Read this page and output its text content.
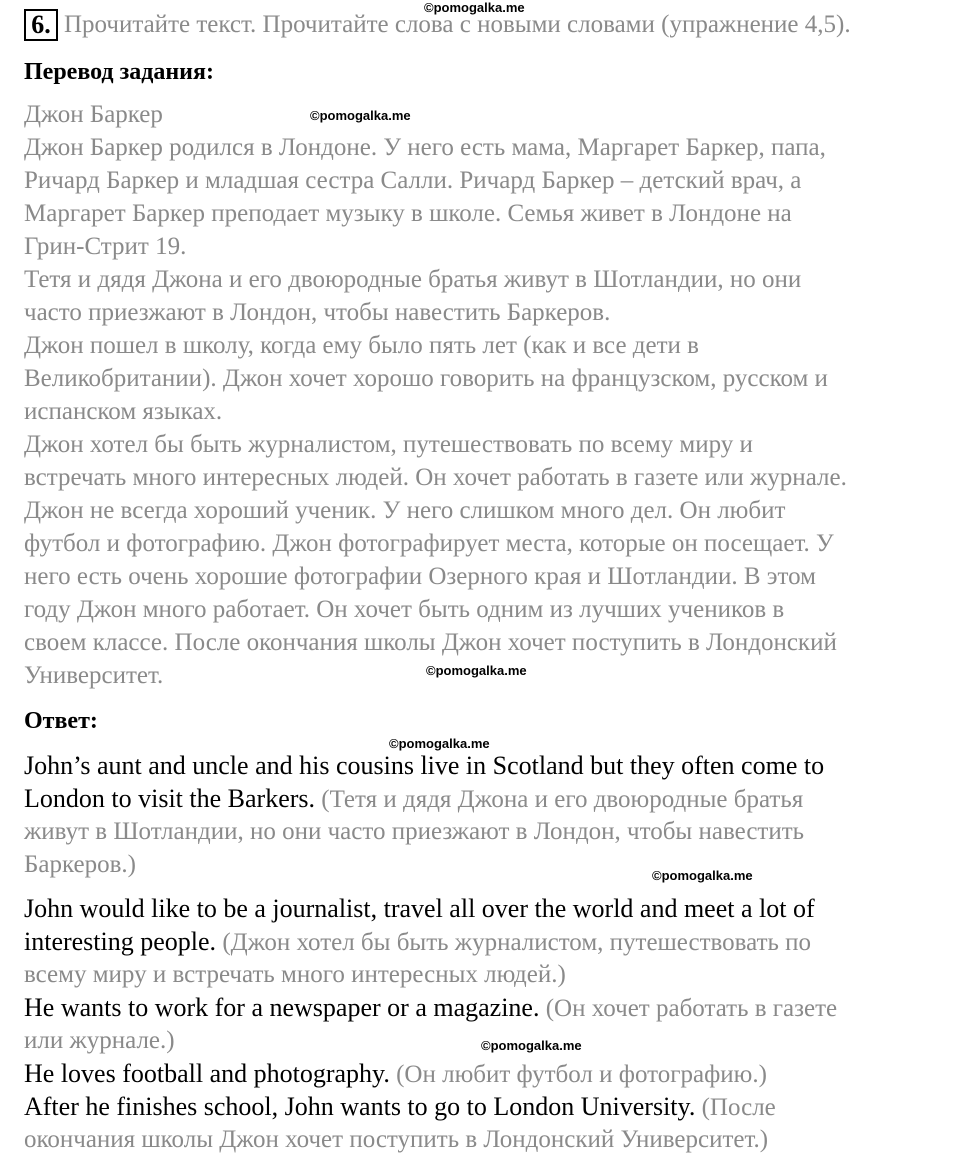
©pomogalka.me
©pomogalka.me
©pomogalka.me
©pomogalka.me
©pomogalka.me
©pomogalka.me
6. Прочитайте текст. Прочитайте слова с новыми словами (упражнение 4,5).
Перевод задания:
Джон Баркер
Джон Баркер родился в Лондоне. У него есть мама, Маргарет Баркер, папа,
Ричард Баркер и младшая сестра Салли. Ричард Баркер – детский врач, а
Маргарет Баркер преподает музыку в школе. Семья живет в Лондоне на
Грин-Стрит 19.
Тетя и дядя Джона и его двоюродные братья живут в Шотландии, но они
часто приезжают в Лондон, чтобы навестить Баркеров.
Джон пошел в школу, когда ему было пять лет (как и все дети в
Великобритании). Джон хочет хорошо говорить на французском, русском и
испанском языках.
Джон хотел бы быть журналистом, путешествовать по всему миру и
встречать много интересных людей. Он хочет работать в газете или журнале.
Джон не всегда хороший ученик. У него слишком много дел. Он любит
футбол и фотографию. Джон фотографирует места, которые он посещает. У
него есть очень хорошие фотографии Озерного края и Шотландии. В этом
году Джон много работает. Он хочет быть одним из лучших учеников в
своем классе. После окончания школы Джон хочет поступить в Лондонский
Университет.
Ответ:
John’s aunt and uncle and his cousins live in Scotland but they often come to
London to visit the Barkers. (Тетя и дядя Джона и его двоюродные братья
живут в Шотландии, но они часто приезжают в Лондон, чтобы навестить
Баркеров.)
John would like to be a journalist, travel all over the world and meet a lot of
interesting people. (Джон хотел бы быть журналистом, путешествовать по
всему миру и встречать много интересных людей.)
He wants to work for a newspaper or a magazine. (Он хочет работать в газете
или журнале.)
He loves football and photography. (Он любит футбол и фотографию.)
After he finishes school, John wants to go to London University. (После
окончания школы Джон хочет поступить в Лондонский Университет.)
